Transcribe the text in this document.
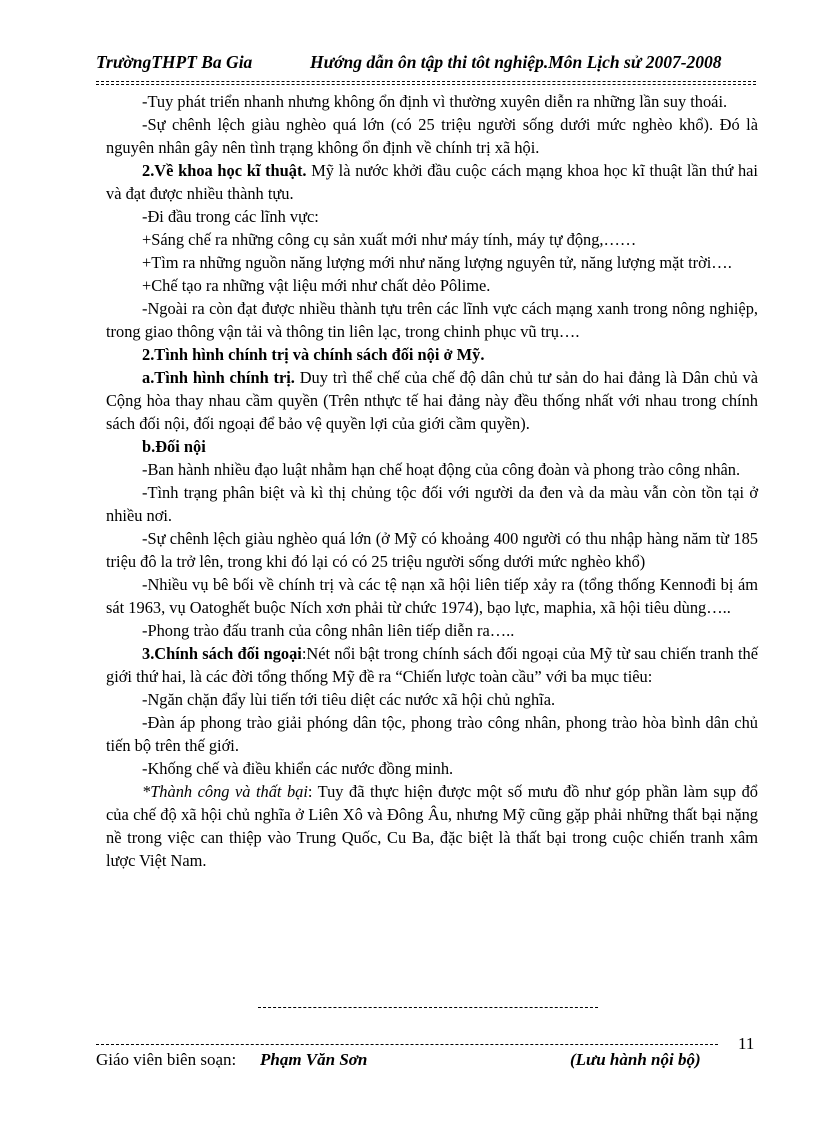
TrườngTHPT Ba Gia	Hướng dẫn ôn tập thi tôt nghiệp.Môn Lịch sử 2007-2008

-Tuy phát triển nhanh nhưng không ổn định vì thường xuyên diễn ra những lần suy thoái.

-Sự chênh lệch giàu nghèo quá lớn (có 25 triệu người sống dưới mức nghèo khổ). Đó là nguyên nhân gây nên tình trạng không ổn định về chính trị xã hội.

2.Về khoa học kĩ thuật. Mỹ là nước khởi đầu cuộc cách mạng khoa học kĩ thuật lần thứ hai và đạt được nhiều thành tựu.

-Đi đầu trong các lĩnh vực:

+Sáng chế ra những công cụ sản xuất mới như máy tính, máy tự động,……

+Tìm ra những nguồn năng lượng mới như năng lượng nguyên tử, năng lượng mặt trời….

+Chế tạo ra những vật liệu mới như chất dẻo Pôlime.

-Ngoài ra còn đạt được nhiều thành tựu trên các lĩnh vực cách mạng xanh trong nông nghiệp, trong giao thông vận tải và thông tin liên lạc, trong chinh phục vũ trụ….

2.Tình hình chính trị và chính sách đối nội ở Mỹ.

a.Tình hình chính trị. Duy trì thể chế của chế độ dân chủ tư sản do hai đảng là Dân chủ và Cộng hòa thay nhau cầm quyền (Trên nthực tế hai đảng này đều thống nhất với nhau trong chính sách đối nội, đối ngoại để bảo vệ quyền lợi của giới cầm quyền).

b.Đối nội

-Ban hành nhiều đạo luật nhằm hạn chế hoạt động của công đoàn và phong trào công nhân.

-Tình trạng phân biệt và kì thị chủng tộc đối với người da đen và da màu vẫn còn tồn tại ở nhiều nơi.

-Sự chênh lệch giàu nghèo quá lớn (ở Mỹ có khoảng 400 người có thu nhập hàng năm từ 185 triệu đô la trở lên, trong khi đó lại có có 25 triệu người sống dưới mức nghèo khổ)

-Nhiều vụ bê bối về chính trị và các tệ nạn xã hội liên tiếp xảy ra (tổng thống Kennođi bị ám sát 1963, vụ Oatoghết buộc Ních xơn phải từ chức 1974), bạo lực, maphia, xã hội tiêu dùng…..

-Phong trào đấu tranh của công nhân liên tiếp diễn ra…..

3.Chính sách đối ngoại:Nét nổi bật trong chính sách đối ngoại của Mỹ từ sau chiến tranh thế giới thứ hai, là các đời tổng thống Mỹ đề ra “Chiến lược toàn cầu” với ba mục tiêu:

-Ngăn chặn đẩy lùi tiến tới tiêu diệt các nước xã hội chủ nghĩa.

-Đàn áp phong trào giải phóng dân tộc, phong trào công nhân, phong trào hòa bình dân chủ tiến bộ trên thế giới.

-Khống chế và điều khiển các nước đồng minh.

*Thành công và thất bại: Tuy đã thực hiện được một số mưu đồ như góp phần làm sụp đổ của chế độ xã hội chủ nghĩa ở Liên Xô và Đông Âu, nhưng Mỹ cũng gặp phải những thất bại nặng nề trong việc can thiệp vào Trung Quốc, Cu Ba, đặc biệt là thất bại trong cuộc chiến tranh xâm lược Việt Nam.

11
Giáo viên biên soạn: Phạm Văn Sơn	(Lưu hành nội bộ)
